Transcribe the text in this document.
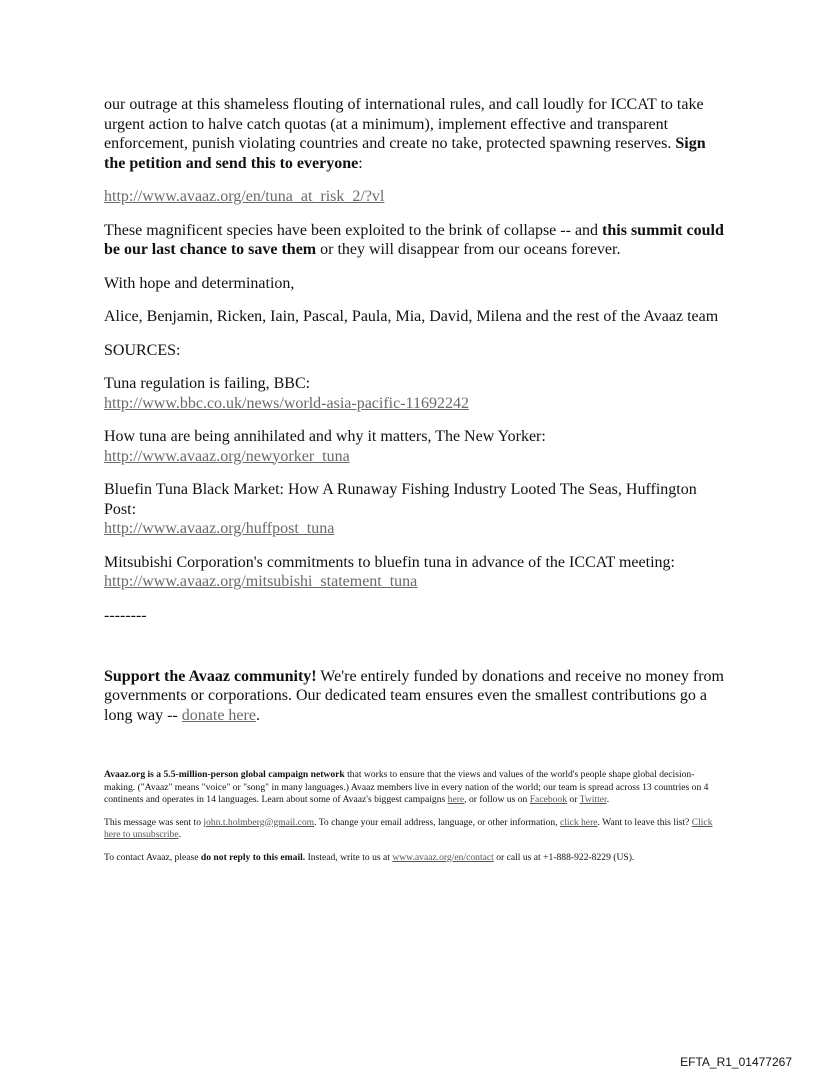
our outrage at this shameless flouting of international rules, and call loudly for ICCAT to take urgent action to halve catch quotas (at a minimum), implement effective and transparent enforcement, punish violating countries and create no take, protected spawning reserves. Sign the petition and send this to everyone:

http://www.avaaz.org/en/tuna_at_risk_2/?vl

These magnificent species have been exploited to the brink of collapse -- and this summit could be our last chance to save them or they will disappear from our oceans forever.

With hope and determination,

Alice, Benjamin, Ricken, Iain, Pascal, Paula, Mia, David, Milena and the rest of the Avaaz team

SOURCES:

Tuna regulation is failing, BBC:
http://www.bbc.co.uk/news/world-asia-pacific-11692242
How tuna are being annihilated and why it matters, The New Yorker:
http://www.avaaz.org/newyorker_tuna
Bluefin Tuna Black Market: How A Runaway Fishing Industry Looted The Seas, Huffington Post:
http://www.avaaz.org/huffpost_tuna
Mitsubishi Corporation's commitments to bluefin tuna in advance of the ICCAT meeting:
http://www.avaaz.org/mitsubishi_statement_tuna

--------

Support the Avaaz community! We're entirely funded by donations and receive no money from governments or corporations. Our dedicated team ensures even the smallest contributions go a long way -- donate here.

Avaaz.org is a 5.5-million-person global campaign network that works to ensure that the views and values of the world's people shape global decision-making. ("Avaaz" means "voice" or "song" in many languages.) Avaaz members live in every nation of the world; our team is spread across 13 countries on 4 continents and operates in 14 languages. Learn about some of Avaaz's biggest campaigns here, or follow us on Facebook or Twitter.

This message was sent to john.t.holmberg@gmail.com. To change your email address, language, or other information, click here. Want to leave this list? Click here to unsubscribe.

To contact Avaaz, please do not reply to this email. Instead, write to us at www.avaaz.org/en/contact or call us at +1-888-922-8229 (US).

EFTA_R1_01477267
